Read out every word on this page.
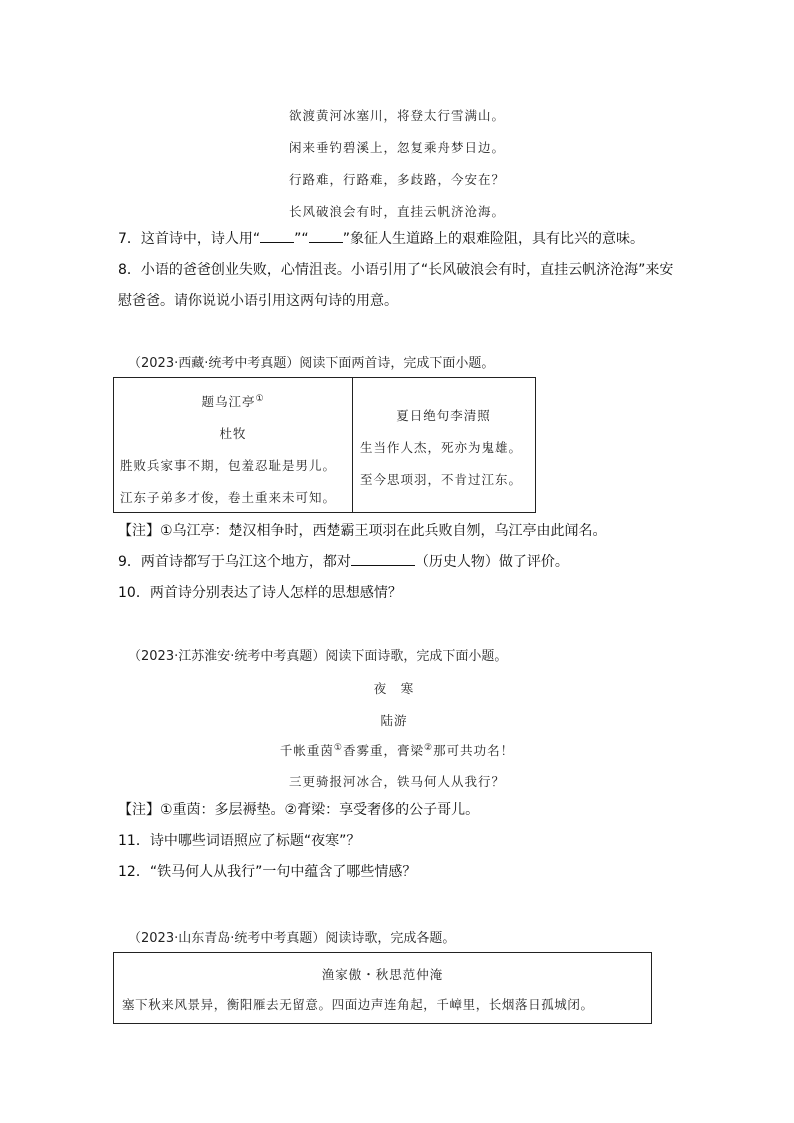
欲渡黄河冰塞川，将登太行雪满山。
闲来垂钓碧溪上，忽复乘舟梦日边。
行路难，行路难，多歧路，今安在？
长风破浪会有时，直挂云帆济沧海。
7．这首诗中，诗人用“ ”“ ”象征人生道路上的艰难险阻，具有比兴的意味。
8．小语的爸爸创业失败，心情沮丧。小语引用了“长风破浪会有时，直挂云帆济沧海”来安
慰爸爸。请你说说小语引用这两句诗的用意。
（2023·西藏·统考中考真题）阅读下面两首诗，完成下面小题。
题乌江亭①
杜牧
胜败兵家事不期，包羞忍耻是男儿。
江东子弟多才俊，卷土重来未可知。
夏日绝句李清照
生当作人杰，死亦为鬼雄。
至今思项羽，不肯过江东。
【注】①乌江亭：楚汉相争时，西楚霸王项羽在此兵败自刎，乌江亭由此闻名。
9．两首诗都写于乌江这个地方，都对	（历史人物）做了评价。
10．两首诗分别表达了诗人怎样的思想感情？
（2023·江苏淮安·统考中考真题）阅读下面诗歌，完成下面小题。
夜　寒
陆游
千帐重茵①香雾重，膏梁②那可共功名！
三更骑报河冰合，铁马何人从我行？
【注】①重茵：多层褥垫。②膏梁：享受奢侈的公子哥儿。
11．诗中哪些词语照应了标题“夜寒”？
12．“铁马何人从我行”一句中蕴含了哪些情感？
（2023·山东青岛·统考中考真题）阅读诗歌，完成各题。
渔家傲・秋思范仲淹
塞下秋来风景异，衡阳雁去无留意。四面边声连角起，千嶂里，长烟落日孤城闭。
